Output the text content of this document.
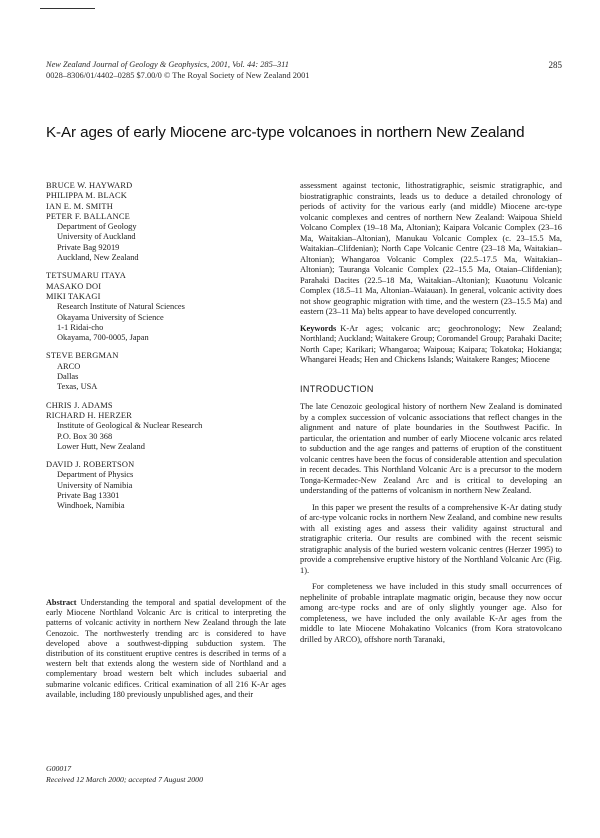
New Zealand Journal of Geology & Geophysics, 2001, Vol. 44: 285–311
0028–8306/01/4402–0285 $7.00/0 © The Royal Society of New Zealand 2001
285
K-Ar ages of early Miocene arc-type volcanoes in northern New Zealand
BRUCE W. HAYWARD
PHILIPPA M. BLACK
IAN E. M. SMITH
PETER F. BALLANCE
Department of Geology
University of Auckland
Private Bag 92019
Auckland, New Zealand
TETSUMARU ITAYA
MASAKO DOI
MIKI TAKAGI
Research Institute of Natural Sciences
Okayama University of Science
1-1 Ridai-cho
Okayama, 700-0005, Japan
STEVE BERGMAN
ARCO
Dallas
Texas, USA
CHRIS J. ADAMS
RICHARD H. HERZER
Institute of Geological & Nuclear Research
P.O. Box 30 368
Lower Hutt, New Zealand
DAVID J. ROBERTSON
Department of Physics
University of Namibia
Private Bag 13301
Windhoek, Namibia
Abstract Understanding the temporal and spatial development of the early Miocene Northland Volcanic Arc is critical to interpreting the patterns of volcanic activity in northern New Zealand through the late Cenozoic. The northwesterly trending arc is considered to have developed above a southwest-dipping subduction system. The distribution of its constituent eruptive centres is described in terms of a western belt that extends along the western side of Northland and a complementary broad western belt which includes subaerial and submarine volcanic edifices. Critical examination of all 216 K-Ar ages available, including 180 previously unpublished ages, and their
G00017
Received 12 March 2000; accepted 7 August 2000

assessment against tectonic, lithostratigraphic, seismic stratigraphic, and biostratigraphic constraints, leads us to deduce a detailed chronology of periods of activity for the various early (and middle) Miocene arc-type volcanic complexes and centres of northern New Zealand: Waipoua Shield Volcano Complex (19–18 Ma, Altonian); Kaipara Volcanic Complex (23–16 Ma, Waitakian–Altonian), Manukau Volcanic Complex (c. 23–15.5 Ma, Waitakian–Clifdenian); North Cape Volcanic Centre (23–18 Ma, Waitakian–Altonian); Whangaroa Volcanic Complex (22.5–17.5 Ma, Waitakian–Altonian); Tauranga Volcanic Complex (22–15.5 Ma, Otaian–Clifdenian); Parahaki Dacites (22.5–18 Ma, Waitakian–Altonian); Kuaotunu Volcanic Complex (18.5–11 Ma, Altonian–Waiauan). In general, volcanic activity does not show geographic migration with time, and the western (23–15.5 Ma) and eastern (23–11 Ma) belts appear to have developed concurrently.

Keywords K-Ar ages; volcanic arc; geochronology; New Zealand; Northland; Auckland; Waitakere Group; Coromandel Group; Parahaki Dacite; North Cape; Karikari; Whangaroa; Waipoua; Kaipara; Tokatoka; Hokianga; Whangarei Heads; Hen and Chickens Islands; Waitakere Ranges; Miocene

INTRODUCTION

The late Cenozoic geological history of northern New Zealand is dominated by a complex succession of volcanic associations that reflect changes in the alignment and nature of plate boundaries in the Southwest Pacific. In particular, the orientation and number of early Miocene volcanic arcs related to subduction and the age ranges and patterns of eruption of the constituent volcanic centres have been the focus of considerable attention and speculation in recent decades. This Northland Volcanic Arc is a precursor to the modern Tonga-Kermadec-New Zealand Arc and is critical to developing an understanding of the patterns of volcanism in northern New Zealand.

In this paper we present the results of a comprehensive K-Ar dating study of arc-type volcanic rocks in northern New Zealand, and combine new results with all existing ages and assess their validity against structural and stratigraphic criteria. Our results are combined with the recent seismic stratigraphic analysis of the buried western volcanic centres (Herzer 1995) to provide a comprehensive eruptive history of the Northland Volcanic Arc (Fig. 1).

For completeness we have included in this study small occurrences of nephelinite of probable intraplate magmatic origin, because they now occur among arc-type rocks and are of only slightly younger age. Also for completeness, we have included the only available K-Ar ages from the middle to late Miocene Mohakatino Volcanics (from Kora stratovolcano drilled by ARCO), offshore north Taranaki,
